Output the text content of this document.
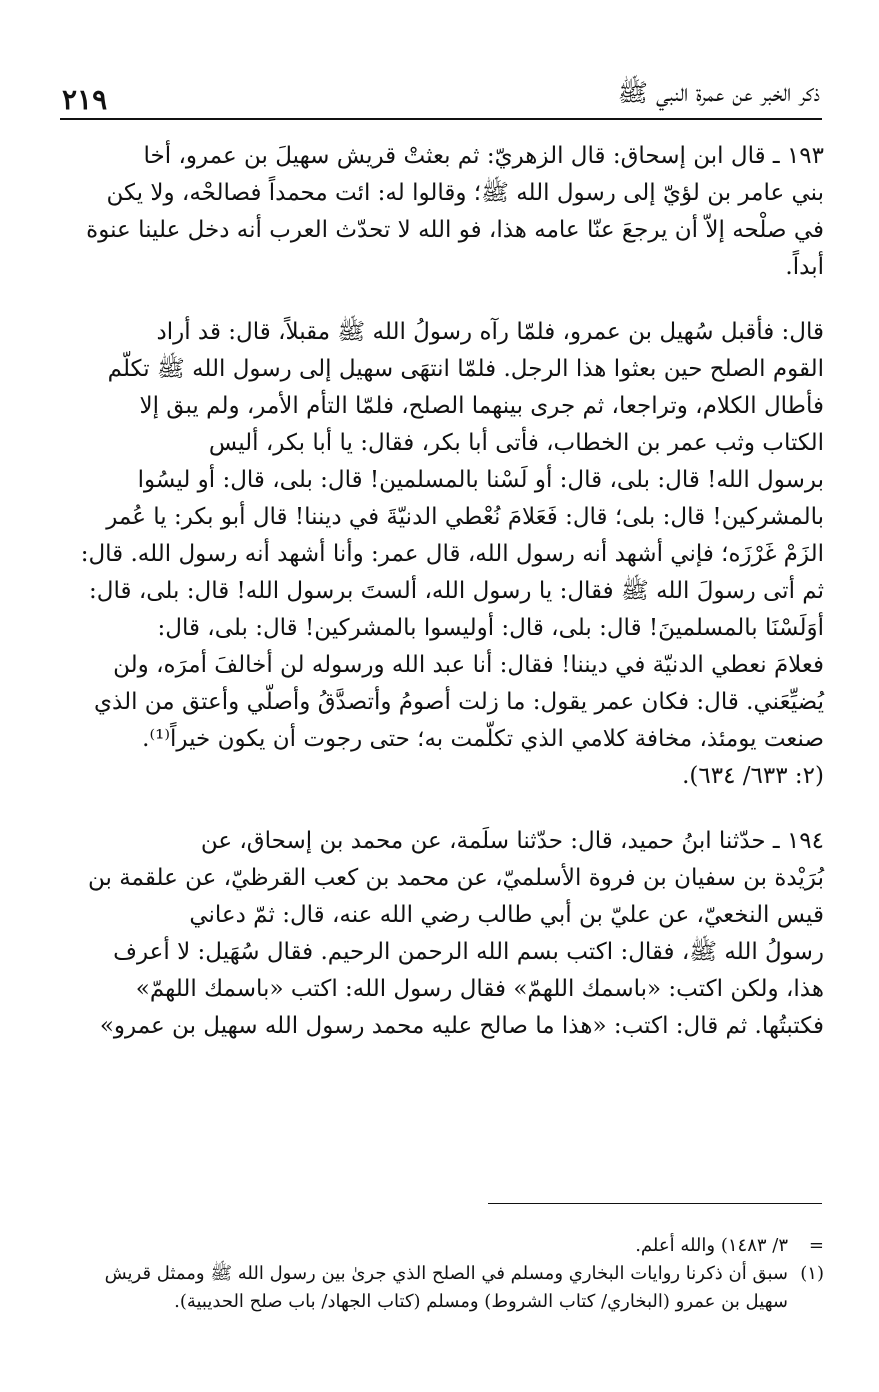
ذكر الخبر عن عمرة النبي ﷺ
٢١٩

١٩٣ ـ قال ابن إسحاق: قال الزهريّ: ثم بعثتْ قريش سهيلَ بن عمرو، أخا
بني عامر بن لؤيّ إلى رسول الله ﷺ؛ وقالوا له: ائت محمداً فصالحْه، ولا يكن
في صلْحه إلاّ أن يرجعَ عنّا عامه هذا، فو الله لا تحدّث العرب أنه دخل علينا عنوة
أبداً.

قال: فأقبل سُهيل بن عمرو، فلمّا رآه رسولُ الله ﷺ مقبلاً، قال: قد أراد
القوم الصلح حين بعثوا هذا الرجل. فلمّا انتهَى سهيل إلى رسول الله ﷺ تكلّم
فأطال الكلام، وتراجعا، ثم جرى بينهما الصلح، فلمّا التأم الأمر، ولم يبق إلا
الكتاب وثب عمر بن الخطاب، فأتى أبا بكر، فقال: يا أبا بكر، أليس
برسول الله! قال: بلى، قال: أو لَسْنا بالمسلمين! قال: بلى، قال: أو ليسُوا
بالمشركين! قال: بلى؛ قال: فَعَلامَ نُعْطي الدنيّةَ في ديننا! قال أبو بكر: يا عُمر
الزَمْ غَرْزَه؛ فإني أشهد أنه رسول الله، قال عمر: وأنا أشهد أنه رسول الله. قال:
ثم أتى رسولَ الله ﷺ فقال: يا رسول الله، ألستَ برسول الله! قال: بلى، قال:
أوَلَسْنَا بالمسلمينَ! قال: بلى، قال: أوليسوا بالمشركين! قال: بلى، قال:
فعلامَ نعطي الدنيّة في ديننا! فقال: أنا عبد الله ورسوله لن أخالفَ أمرَه، ولن
يُضيِّعَني. قال: فكان عمر يقول: ما زلت أصومُ وأتصدَّقُ وأصلّي وأعتق من الذي
صنعت يومئذ، مخافة كلامي الذي تكلّمت به؛ حتى رجوت أن يكون خيراً⁽¹⁾.
(٢: ٦٣٣/ ٦٣٤).

١٩٤ ـ حدّثنا ابنُ حميد، قال: حدّثنا سلَمة، عن محمد بن إسحاق، عن
بُرَيْدة بن سفيان بن فروة الأسلميّ، عن محمد بن كعب القرظيّ، عن علقمة بن
قيس النخعيّ، عن عليّ بن أبي طالب رضي الله عنه، قال: ثمّ دعاني
رسولُ الله ﷺ، فقال: اكتب بسم الله الرحمن الرحيم. فقال سُهَيل: لا أعرف
هذا، ولكن اكتب: «باسمك اللهمّ» فقال رسول الله: اكتب «باسمك اللهمّ»
فكتبتُها. ثم قال: اكتب: «هذا ما صالح عليه محمد رسول الله سهيل بن عمرو»

=
٣/ ١٤٨٣) والله أعلم.
(١)
سبق أن ذكرنا روايات البخاري ومسلم في الصلح الذي جرىٰ بين رسول الله ﷺ وممثل قريش
سهيل بن عمرو (البخاري/ كتاب الشروط) ومسلم (كتاب الجهاد/ باب صلح الحديبية).
